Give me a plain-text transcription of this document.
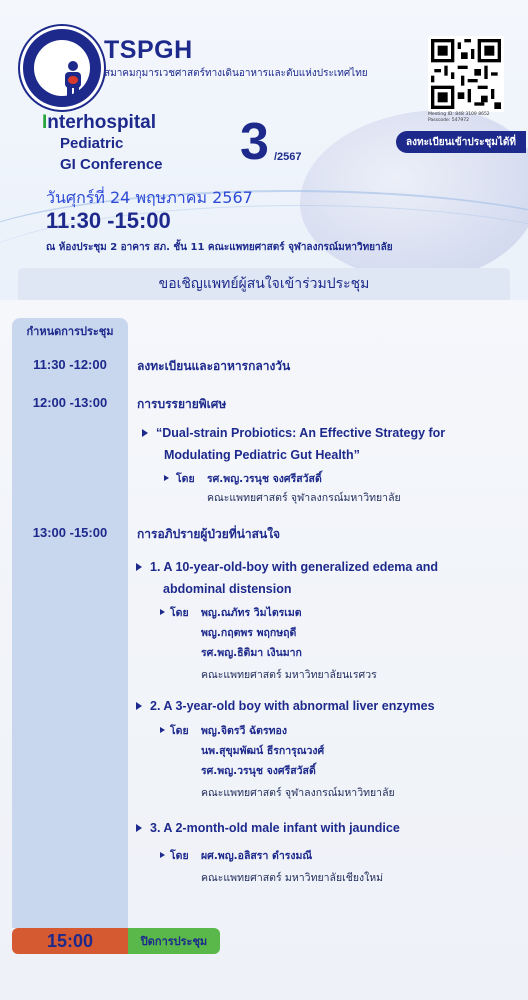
TSPGH
สมาคมกุมารเวชศาสตร์ทางเดินอาหารและตับแห่งประเทศไทย
Meeting ID: 848 3109 8652
Passcode: 547972
ลงทะเบียนเข้าประชุมได้ที่
Interhospital
Pediatric
GI Conference 3 /2567
วันศุกร์ที่ 24 พฤษภาคม 2567
11:30 -15:00
ณ ห้องประชุม 2 อาคาร สภ. ชั้น 11 คณะแพทยศาสตร์ จุฬาลงกรณ์มหาวิทยาลัย
ขอเชิญแพทย์ผู้สนใจเข้าร่วมประชุม
กำหนดการประชุม
11:30 -12:00	ลงทะเบียนและอาหารกลางวัน
12:00 -13:00	การบรรยายพิเศษ
“Dual-strain Probiotics: An Effective Strategy for
Modulating Pediatric Gut Health”
โดย รศ.พญ.วรนุช จงศรีสวัสดิ์
คณะแพทยศาสตร์ จุฬาลงกรณ์มหาวิทยาลัย
13:00 -15:00	การอภิปรายผู้ป่วยที่น่าสนใจ
1. A 10-year-old-boy with generalized edema and
abdominal distension
โดย พญ.ณภัทร วิมไตรเมต
พญ.กฤตพร พฤกษฤดี
รศ.พญ.ธิติมา เงินมาก
คณะแพทยศาสตร์ มหาวิทยาลัยนเรศวร
2. A 3-year-old boy with abnormal liver enzymes
โดย พญ.จิตรวี ฉัตรทอง
นพ.สุขุมพัฒน์ ธีรการุณวงศ์
รศ.พญ.วรนุช จงศรีสวัสดิ์
คณะแพทยศาสตร์ จุฬาลงกรณ์มหาวิทยาลัย
3. A 2-month-old male infant with jaundice
โดย ผศ.พญ.อลิสรา ดำรงมณี
คณะแพทยศาสตร์ มหาวิทยาลัยเชียงใหม่
15:00	ปิดการประชุม
